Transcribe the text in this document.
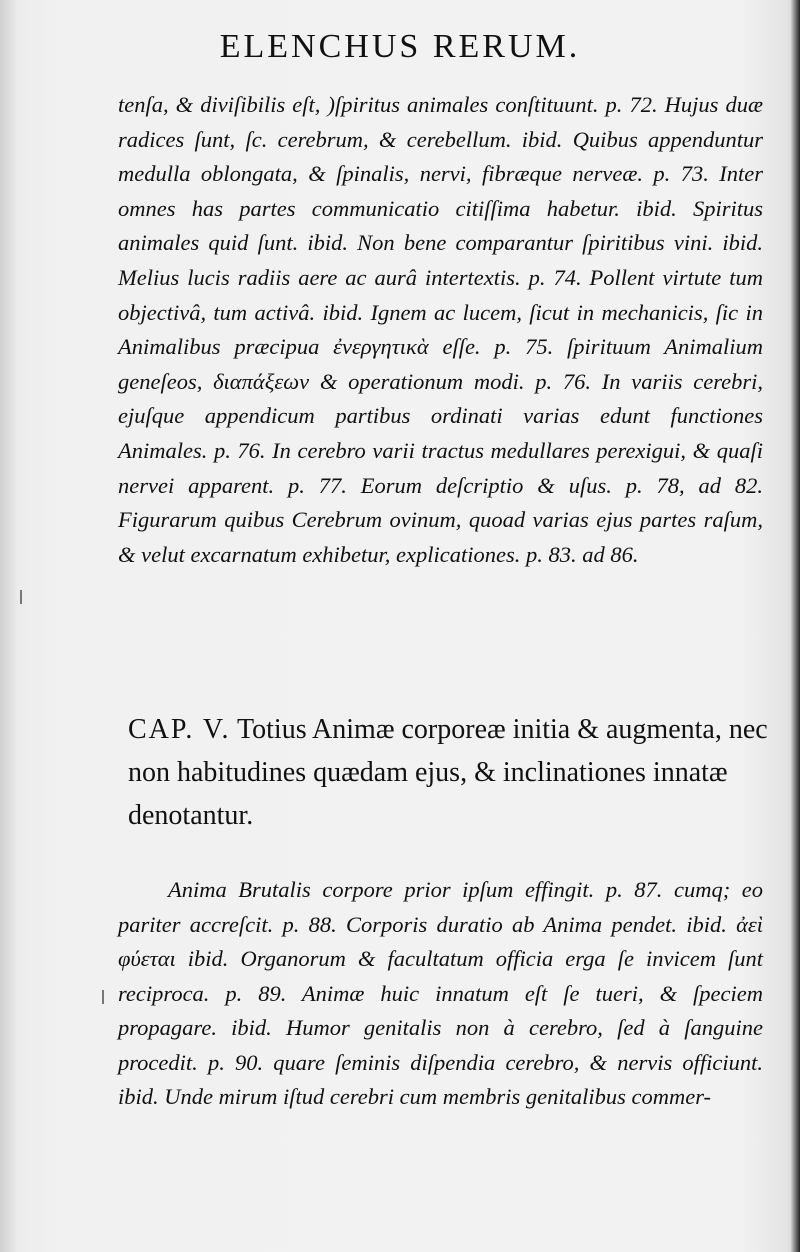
ELENCHUS RERUM.
tenſa, & diviſibilis eſt, )ſpiritus animales conſtituunt. p. 72. Hujus duæ radices ſunt, ſc. cerebrum, & cerebellum. ibid. Quibus appenduntur medulla oblongata, & ſpinalis, nervi, fibræque nerveæ. p. 73. Inter omnes has partes communicatio citiſſima habetur. ibid. Spiritus animales quid ſunt. ibid. Non bene comparantur ſpiritibus vini. ibid. Melius lucis radiis aere ac aurâ intertextis. p. 74. Pollent virtute tum objectivâ, tum activâ. ibid. Ignem ac lucem, ſicut in mechanicis, ſic in Animalibus præcipua ἐνεργητικὰ eſſe. p. 75. ſpirituum Animalium geneſeos, διαπάξεων & operationum modi. p. 76. In variis cerebri, ejuſque appendicum partibus ordinati varias edunt functiones Animales. p. 76. In cerebro varii tractus medullares perexigui, & quaſi nervei apparent. p. 77. Eorum deſcriptio & uſus. p. 78, ad 82. Figurarum quibus Cerebrum ovinum, quoad varias ejus partes raſum, & velut excarnatum exhibetur, explicationes. p. 83. ad 86.
CAP. V. Totius Animæ corporeæ initia & augmenta, nec non habitudines quædam ejus, & inclinationes innatæ denotantur.
Anima Brutalis corpore prior ipſum effingit. p. 87. cumq; eo pariter accreſcit. p. 88. Corporis duratio ab Anima pendet. ibid. ἀεὶ φύεται ibid. Organorum & facultatum officia erga ſe invicem ſunt reciproca. p. 89. Animæ huic innatum eſt ſe tueri, & ſpeciem propagare. ibid. Humor genitalis non à cerebro, ſed à ſanguine procedit. p. 90. quare ſeminis diſpendia cerebro, & nervis officiunt. ibid. Unde mirum iſtud cerebri cum membris genitalibus commer-
